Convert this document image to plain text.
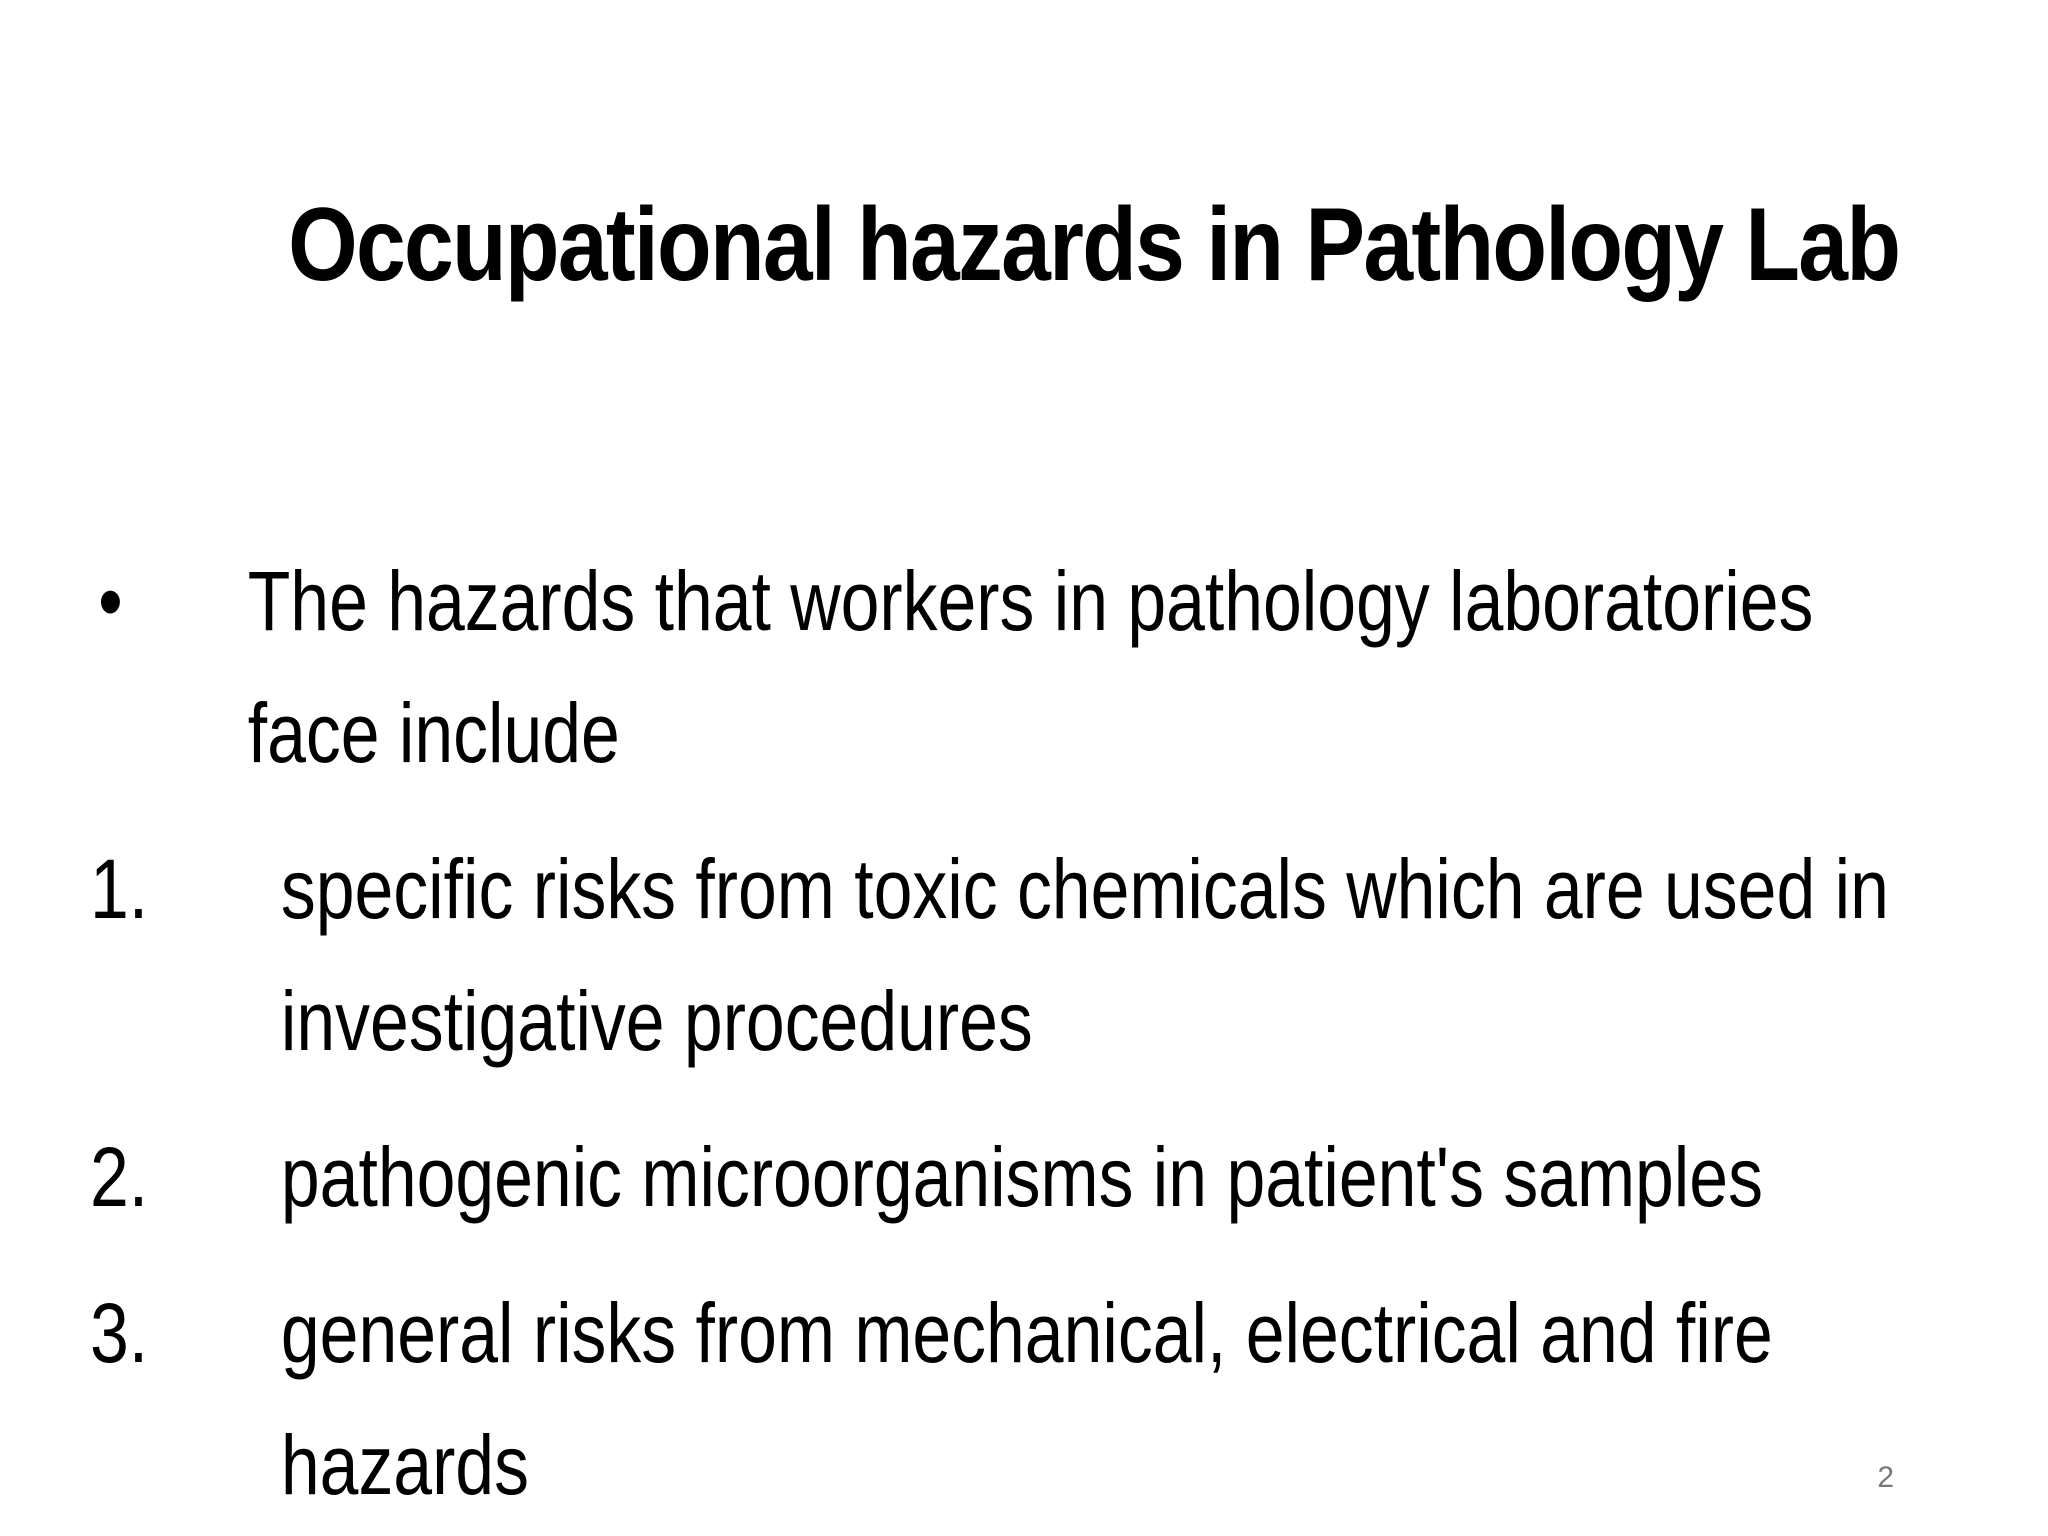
Occupational hazards in Pathology Lab
•	The hazards that workers in pathology laboratories face include
1.	specific risks from toxic chemicals which are used in investigative procedures
2.	pathogenic microorganisms in patient's samples
3.	general risks from mechanical, electrical and fire hazards	2
